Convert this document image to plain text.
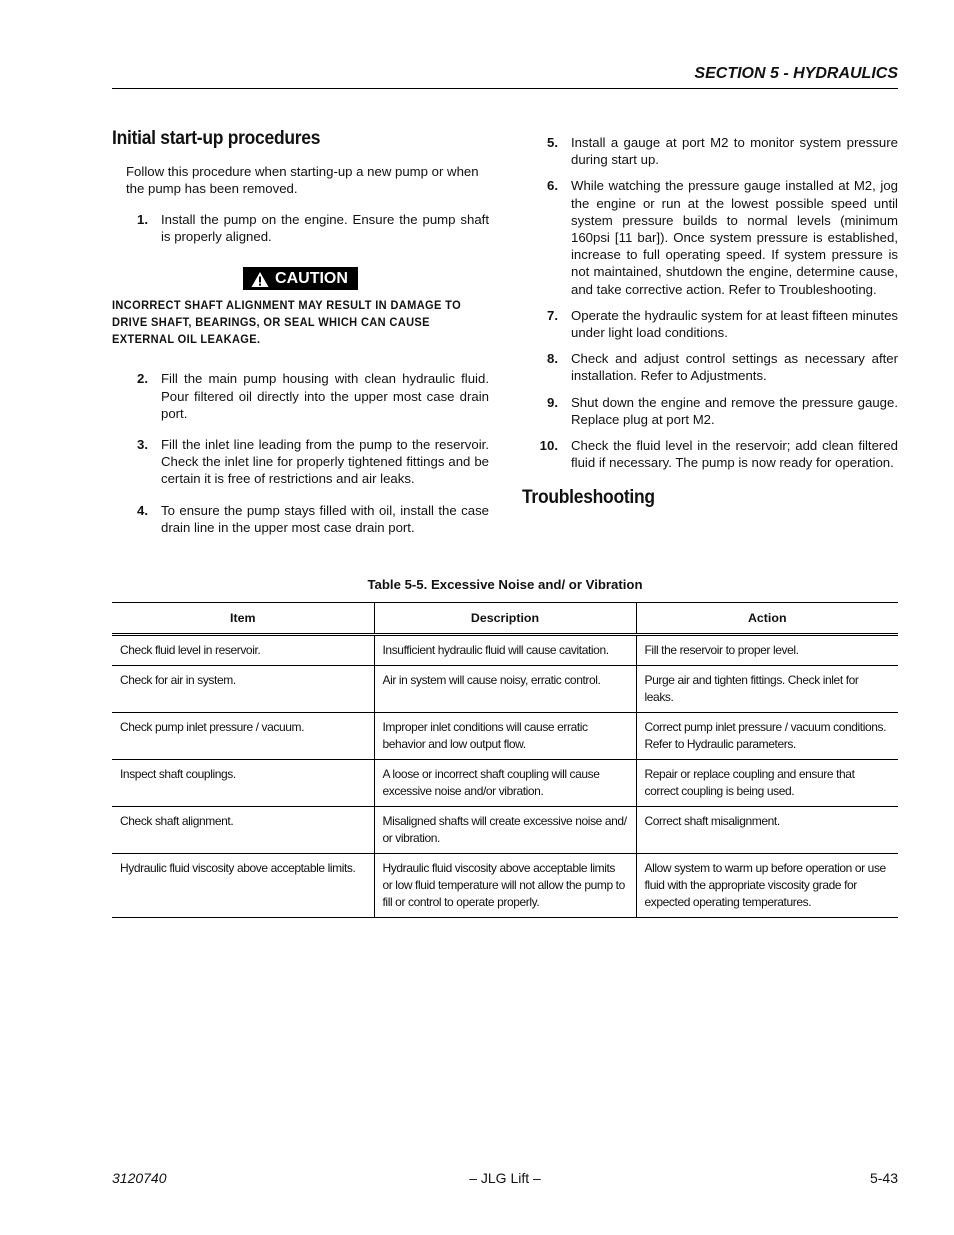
SECTION 5 - HYDRAULICS
Initial start-up procedures

Follow this procedure when starting-up a new pump or when the pump has been removed.

1. Install the pump on the engine. Ensure the pump shaft is properly aligned.
CAUTION
INCORRECT SHAFT ALIGNMENT MAY RESULT IN DAMAGE TO DRIVE SHAFT, BEARINGS, OR SEAL WHICH CAN CAUSE EXTERNAL OIL LEAKAGE.
2. Fill the main pump housing with clean hydraulic fluid. Pour filtered oil directly into the upper most case drain port.
3. Fill the inlet line leading from the pump to the reservoir. Check the inlet line for properly tightened fittings and be certain it is free of restrictions and air leaks.
4. To ensure the pump stays filled with oil, install the case drain line in the upper most case drain port.
5. Install a gauge at port M2 to monitor system pressure during start up.
6. While watching the pressure gauge installed at M2, jog the engine or run at the lowest possible speed until system pressure builds to normal levels (minimum 160psi [11 bar]). Once system pressure is established, increase to full operating speed. If system pressure is not maintained, shutdown the engine, determine cause, and take corrective action. Refer to Troubleshooting.
7. Operate the hydraulic system for at least fifteen minutes under light load conditions.
8. Check and adjust control settings as necessary after installation. Refer to Adjustments.
9. Shut down the engine and remove the pressure gauge. Replace plug at port M2.
10. Check the fluid level in the reservoir; add clean filtered fluid if necessary. The pump is now ready for operation.
Troubleshooting
Table 5-5. Excessive Noise and/ or Vibration
Item	Description	Action
Check fluid level in reservoir.	Insufficient hydraulic fluid will cause cavitation.	Fill the reservoir to proper level.
Check for air in system.	Air in system will cause noisy, erratic control.	Purge air and tighten fittings. Check inlet for leaks.
Check pump inlet pressure / vacuum.	Improper inlet conditions will cause erratic behavior and low output flow.	Correct pump inlet pressure / vacuum conditions. Refer to Hydraulic parameters.
Inspect shaft couplings.	A loose or incorrect shaft coupling will cause excessive noise and/or vibration.	Repair or replace coupling and ensure that correct coupling is being used.
Check shaft alignment.	Misaligned shafts will create excessive noise and/ or vibration.	Correct shaft misalignment.
Hydraulic fluid viscosity above acceptable limits.	Hydraulic fluid viscosity above acceptable limits or low fluid temperature will not allow the pump to fill or control to operate properly.	Allow system to warm up before operation or use fluid with the appropriate viscosity grade for expected operating temperatures.
3120740	– JLG Lift –	5-43
